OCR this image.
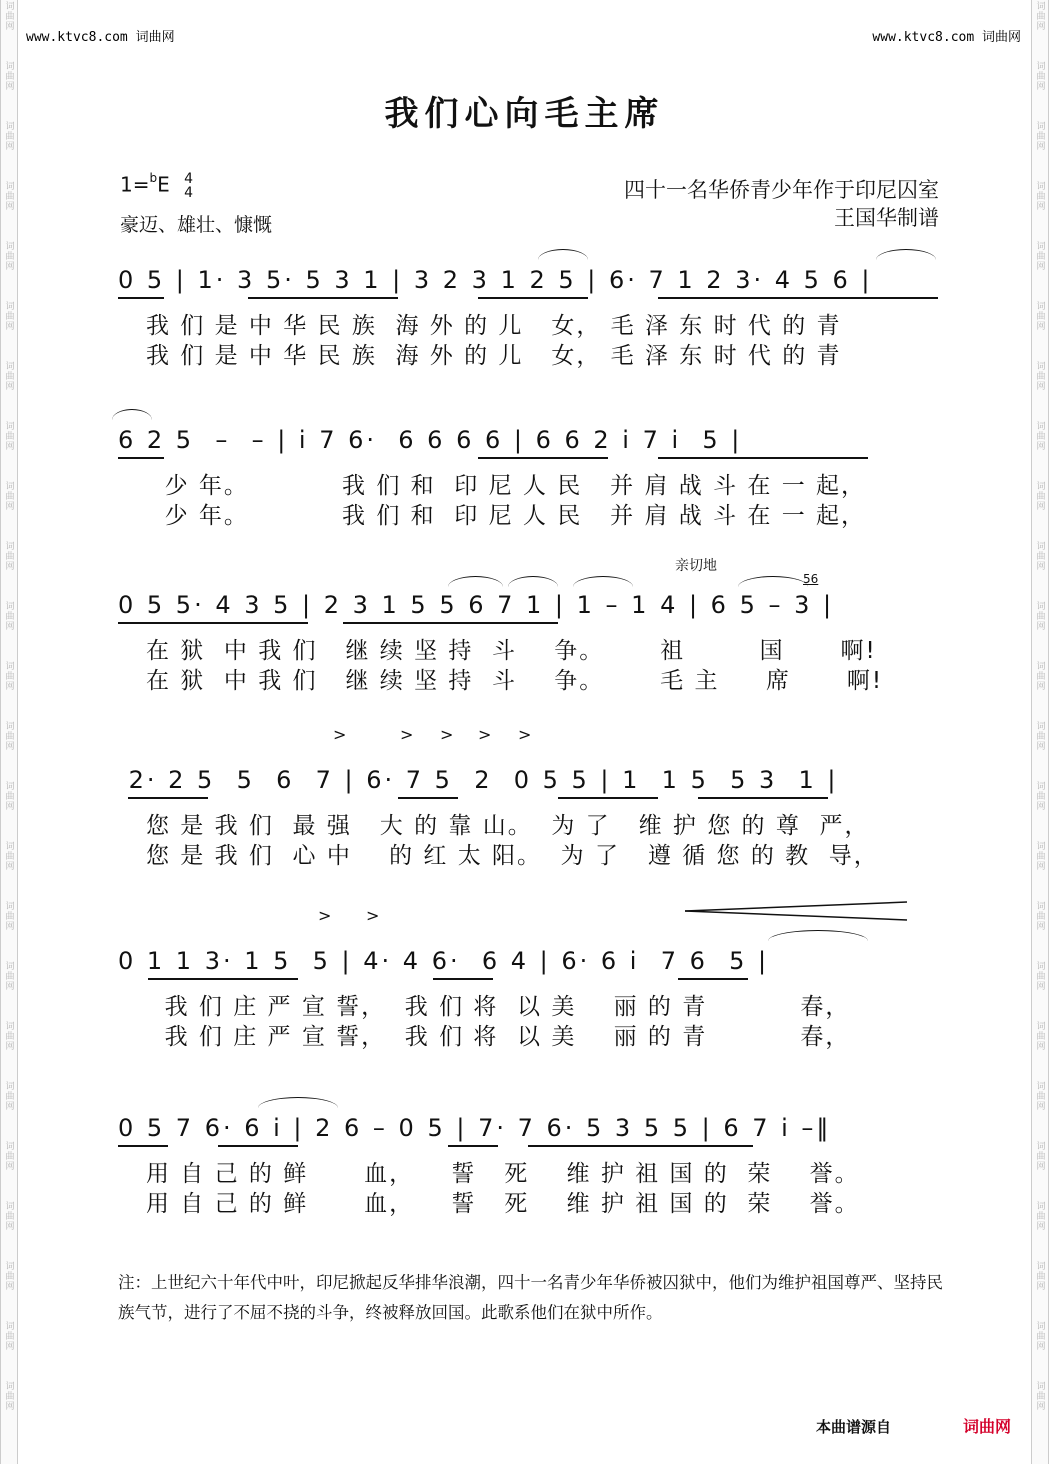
词
曲
网
词
曲
网
词
曲
网
词
曲
网
词
曲
网
词
曲
网
词
曲
网
词
曲
网
词
曲
网
词
曲
网
词
曲
网
词
曲
网
词
曲
网
词
曲
网
词
曲
网
词
曲
网
词
曲
网
词
曲
网
词
曲
网
词
曲
网
词
曲
网
词
曲
网
词
曲
网
词
曲
网
词
曲
网
词
曲
网
词
曲
网
词
曲
网
词
曲
网
词
曲
网
词
曲
网
词
曲
网
词
曲
网
词
曲
网
词
曲
网
词
曲
网
词
曲
网
词
曲
网
词
曲
网
词
曲
网
词
曲
网
词
曲
网
词
曲
网
词
曲
网
词
曲
网
词
曲
网
词
曲
网
词
曲
网
www.ktvc8.com 词曲网	www.ktvc8.com 词曲网
我们心向毛主席
1=$^b$E 4
4
豪迈、雄壮、慷慨
四十一名华侨青少年作于印尼囚室
王国华制谱
0 5 | 1· 3 5· 5 3 1 | 3 2 3 1 2 5 | 6· 7 1 2 3· 4 5 6 |
我 们 是 中 华 民 族  海 外 的 儿   女， 毛 泽 东 时 代 的 青
我 们 是 中 华 民 族  海 外 的 儿   女， 毛 泽 东 时 代 的 青
6 2 5  –  – | i 7 6·  6 6 6 6 | 6 6 2 i 7 i  5 |
少 年。          我 们 和  印 尼 人 民   并 肩 战 斗 在 一 起，
少 年。          我 们 和  印 尼 人 民   并 肩 战 斗 在 一 起，
亲切地
56
0 5 5· 4 3 5 | 2 3 1 5 5 6 7 1 | 1 – 1 4 | 6 5 – 3 |
在 狱  中 我 们   继 续 坚 持  斗    争。      祖        国      啊!
在 狱  中 我 们   继 续 坚 持  斗    争。      毛 主     席      啊!
2· 2 5  5  6  7 | 6· 7 5  2  0 5 5 | 1  1 5  5 3  1 |
您 是 我 们  最 强   大 的 靠 山。  为 了   维 护 您 的 尊  严，
您 是 我 们  心 中    的 红 太 阳。  为 了   遵 循 您 的 教  导，
>	> > > >
0 1 1 3· 1 5  5 | 4· 4 6·  6 4 | 6· 6 i  7 6  5 |
我 们 庄 严 宣 誓，  我 们 将  以 美    丽 的 青          春，
我 们 庄 严 宣 誓，  我 们 将  以 美    丽 的 青          春，
> >
0 5 7 6· 6 i | 2 6 – 0 5 | 7· 7 6· 5 3 5 5 | 6 7 i –‖
用 自 己 的 鲜      血，    誓   死    维 护 祖 国 的  荣    誉。
用 自 己 的 鲜      血，    誓   死    维 护 祖 国 的  荣    誉。
注：上世纪六十年代中叶，印尼掀起反华排华浪潮，四十一名青少年华侨被囚狱中，他们为维护祖国尊严、坚持民族气节，进行了不屈不挠的斗争，终被释放回国。此歌系他们在狱中所作。
本曲谱源自	词曲网
